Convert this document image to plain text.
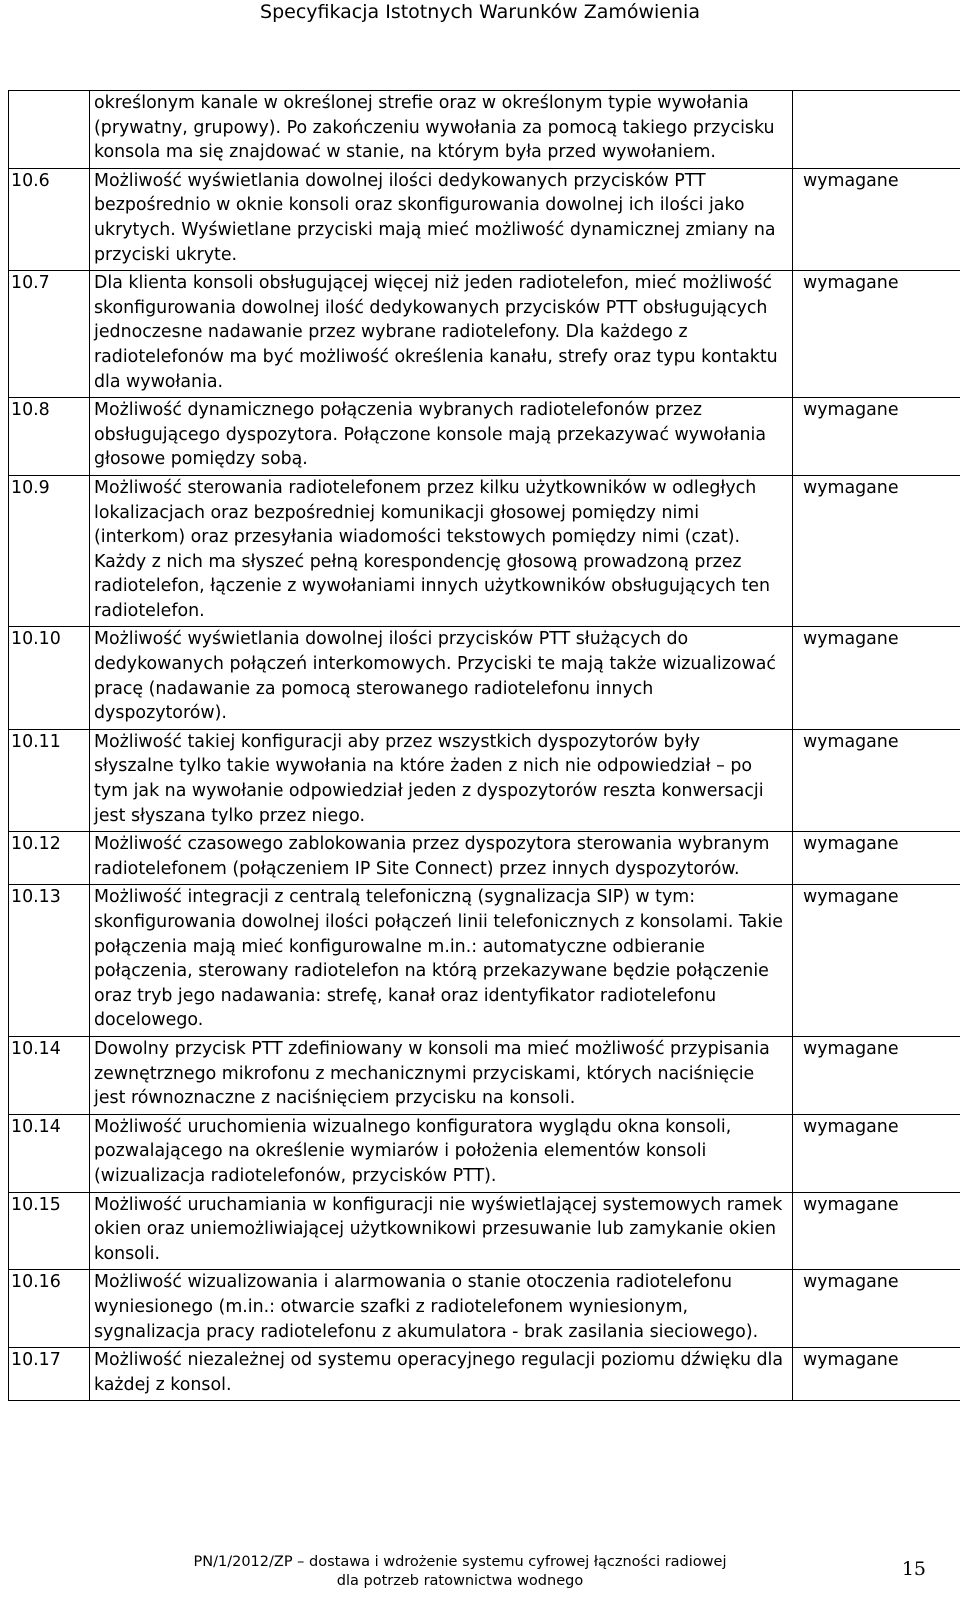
Specyfikacja Istotnych Warunków Zamówienia
	określonym kanale w określonej strefie oraz w określonym typie wywołania (prywatny, grupowy). Po zakończeniu wywołania za pomocą takiego przycisku konsola ma się znajdować w stanie, na którym była przed wywołaniem.	
10.6	Możliwość wyświetlania dowolnej ilości dedykowanych przycisków PTT bezpośrednio w oknie konsoli oraz skonfigurowania dowolnej ich ilości jako ukrytych. Wyświetlane przyciski mają mieć możliwość dynamicznej zmiany na przyciski ukryte.	wymagane
10.7	Dla klienta konsoli obsługującej więcej niż jeden radiotelefon, mieć możliwość skonfigurowania dowolnej ilość dedykowanych przycisków PTT obsługujących jednoczesne nadawanie przez wybrane radiotelefony. Dla każdego z radiotelefonów ma być możliwość określenia kanału, strefy oraz typu kontaktu dla wywołania.	wymagane
10.8	Możliwość dynamicznego połączenia wybranych radiotelefonów przez obsługującego dyspozytora. Połączone konsole mają przekazywać wywołania głosowe pomiędzy sobą.	wymagane
10.9	Możliwość sterowania radiotelefonem przez kilku użytkowników w odległych lokalizacjach oraz bezpośredniej komunikacji głosowej pomiędzy nimi (interkom) oraz przesyłania wiadomości tekstowych pomiędzy nimi (czat). Każdy z nich ma słyszeć pełną korespondencję głosową prowadzoną przez radiotelefon, łączenie z wywołaniami innych użytkowników obsługujących ten radiotelefon.	wymagane
10.10	Możliwość wyświetlania dowolnej ilości przycisków PTT służących do dedykowanych połączeń interkomowych. Przyciski te mają także wizualizować pracę (nadawanie za pomocą sterowanego radiotelefonu innych dyspozytorów).	wymagane
10.11	Możliwość takiej konfiguracji aby przez wszystkich dyspozytorów były słyszalne tylko takie wywołania na które żaden z nich nie odpowiedział – po tym jak na wywołanie odpowiedział jeden z dyspozytorów reszta konwersacji jest słyszana tylko przez niego.	wymagane
10.12	Możliwość czasowego zablokowania przez dyspozytora sterowania wybranym radiotelefonem (połączeniem IP Site Connect) przez innych dyspozytorów.	wymagane
10.13	Możliwość integracji z centralą telefoniczną (sygnalizacja SIP) w tym: skonfigurowania dowolnej ilości połączeń linii telefonicznych z konsolami. Takie połączenia mają mieć konfigurowalne m.in.: automatyczne odbieranie połączenia, sterowany radiotelefon na którą przekazywane będzie połączenie oraz tryb jego nadawania: strefę, kanał oraz identyfikator radiotelefonu docelowego.	wymagane
10.14	Dowolny przycisk PTT zdefiniowany w konsoli ma mieć możliwość przypisania zewnętrznego mikrofonu z mechanicznymi przyciskami, których naciśnięcie jest równoznaczne z naciśnięciem przycisku na konsoli.	wymagane
10.14	Możliwość uruchomienia wizualnego konfiguratora wyglądu okna konsoli, pozwalającego na określenie wymiarów i położenia elementów konsoli (wizualizacja radiotelefonów, przycisków PTT).	wymagane
10.15	Możliwość uruchamiania w konfiguracji nie wyświetlającej systemowych ramek okien oraz uniemożliwiającej użytkownikowi przesuwanie lub zamykanie okien konsoli.	wymagane
10.16	Możliwość wizualizowania i alarmowania o stanie otoczenia radiotelefonu wyniesionego (m.in.: otwarcie szafki z radiotelefonem wyniesionym, sygnalizacja pracy radiotelefonu z akumulatora - brak zasilania sieciowego).	wymagane
10.17	Możliwość niezależnej od systemu operacyjnego regulacji poziomu dźwięku dla każdej z konsol.	wymagane
PN/1/2012/ZP – dostawa i wdrożenie systemu cyfrowej łączności radiowej
dla potrzeb ratownictwa wodnego
15
